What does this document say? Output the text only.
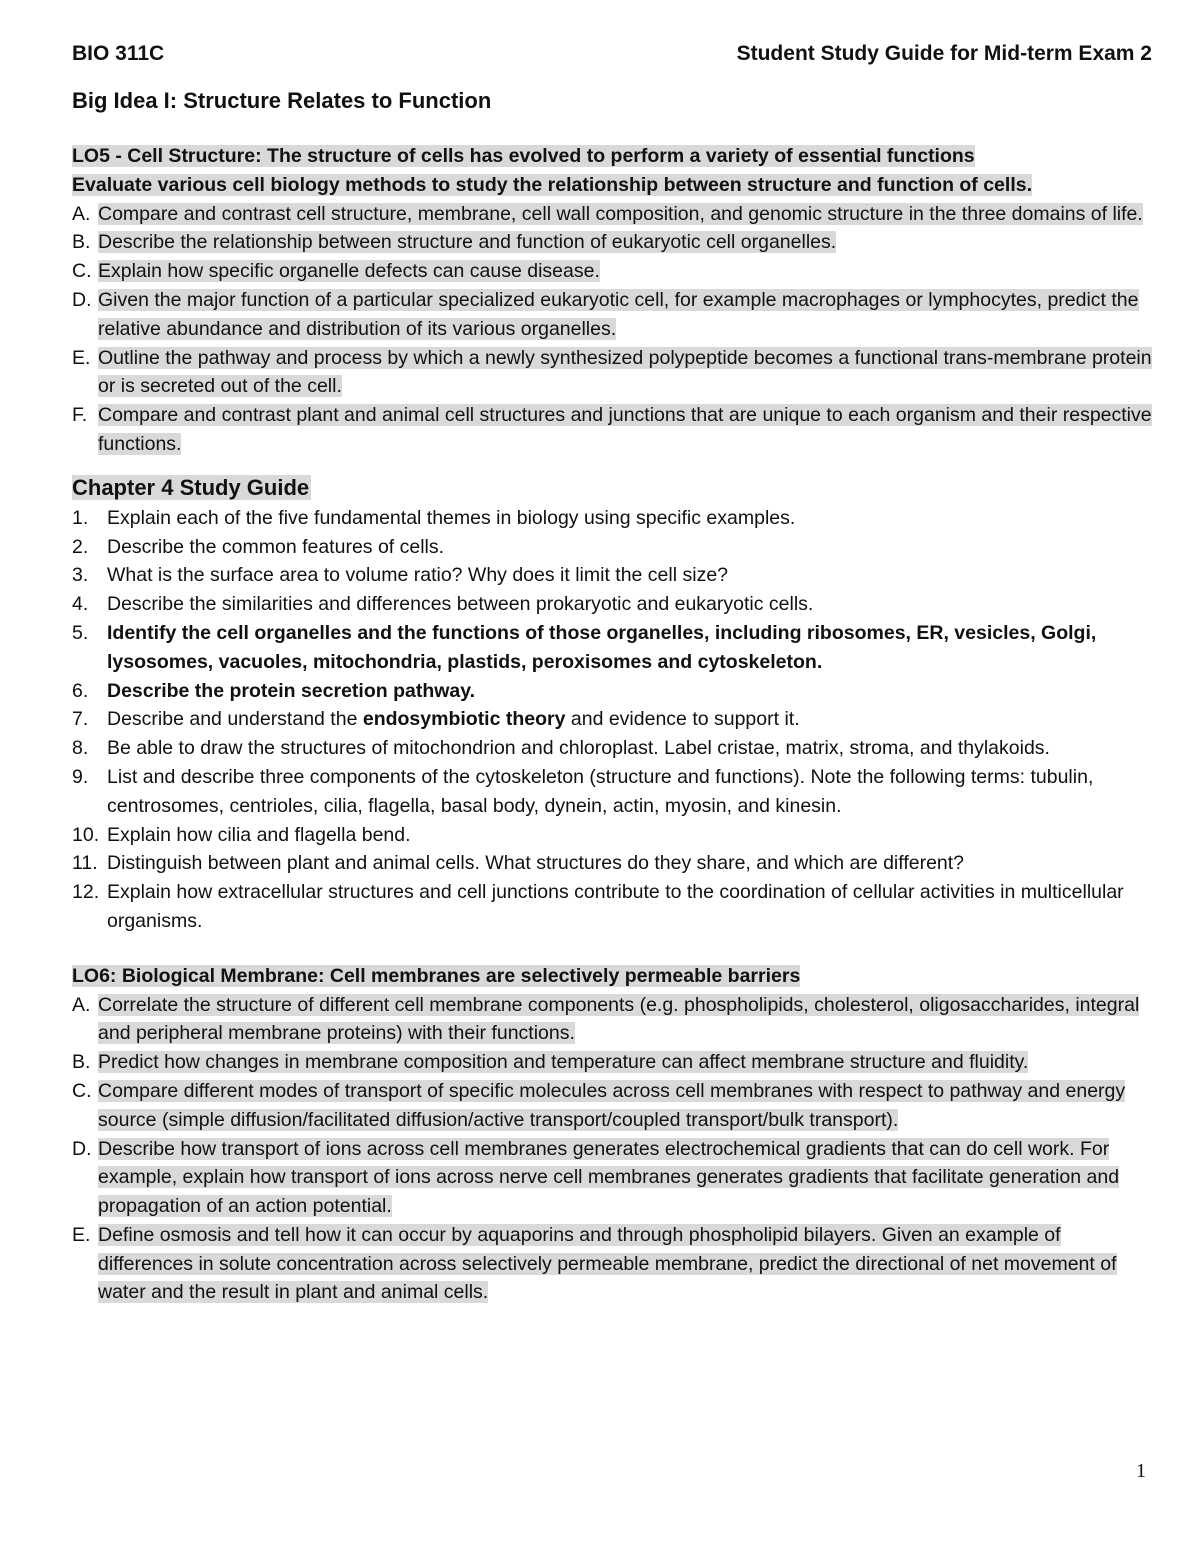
BIO 311C	Student Study Guide for Mid-term Exam 2
Big Idea I: Structure Relates to Function
LO5 - Cell Structure: The structure of cells has evolved to perform a variety of essential functions
Evaluate various cell biology methods to study the relationship between structure and function of cells.
A. Compare and contrast cell structure, membrane, cell wall composition, and genomic structure in the three domains of life.
B. Describe the relationship between structure and function of eukaryotic cell organelles.
C. Explain how specific organelle defects can cause disease.
D. Given the major function of a particular specialized eukaryotic cell, for example macrophages or lymphocytes, predict the relative abundance and distribution of its various organelles.
E. Outline the pathway and process by which a newly synthesized polypeptide becomes a functional trans-membrane protein or is secreted out of the cell.
F. Compare and contrast plant and animal cell structures and junctions that are unique to each organism and their respective functions.
Chapter 4 Study Guide
1. Explain each of the five fundamental themes in biology using specific examples.
2. Describe the common features of cells.
3. What is the surface area to volume ratio? Why does it limit the cell size?
4. Describe the similarities and differences between prokaryotic and eukaryotic cells.
5. Identify the cell organelles and the functions of those organelles, including ribosomes, ER, vesicles, Golgi, lysosomes, vacuoles, mitochondria, plastids, peroxisomes and cytoskeleton.
6. Describe the protein secretion pathway.
7. Describe and understand the endosymbiotic theory and evidence to support it.
8. Be able to draw the structures of mitochondrion and chloroplast. Label cristae, matrix, stroma, and thylakoids.
9. List and describe three components of the cytoskeleton (structure and functions). Note the following terms: tubulin, centrosomes, centrioles, cilia, flagella, basal body, dynein, actin, myosin, and kinesin.
10. Explain how cilia and flagella bend.
11. Distinguish between plant and animal cells. What structures do they share, and which are different?
12. Explain how extracellular structures and cell junctions contribute to the coordination of cellular activities in multicellular organisms.
LO6: Biological Membrane: Cell membranes are selectively permeable barriers
A. Correlate the structure of different cell membrane components (e.g. phospholipids, cholesterol, oligosaccharides, integral and peripheral membrane proteins) with their functions.
B. Predict how changes in membrane composition and temperature can affect membrane structure and fluidity.
C. Compare different modes of transport of specific molecules across cell membranes with respect to pathway and energy source (simple diffusion/facilitated diffusion/active transport/coupled transport/bulk transport).
D. Describe how transport of ions across cell membranes generates electrochemical gradients that can do cell work. For example, explain how transport of ions across nerve cell membranes generates gradients that facilitate generation and propagation of an action potential.
E. Define osmosis and tell how it can occur by aquaporins and through phospholipid bilayers. Given an example of differences in solute concentration across selectively permeable membrane, predict the directional of net movement of water and the result in plant and animal cells.
1
